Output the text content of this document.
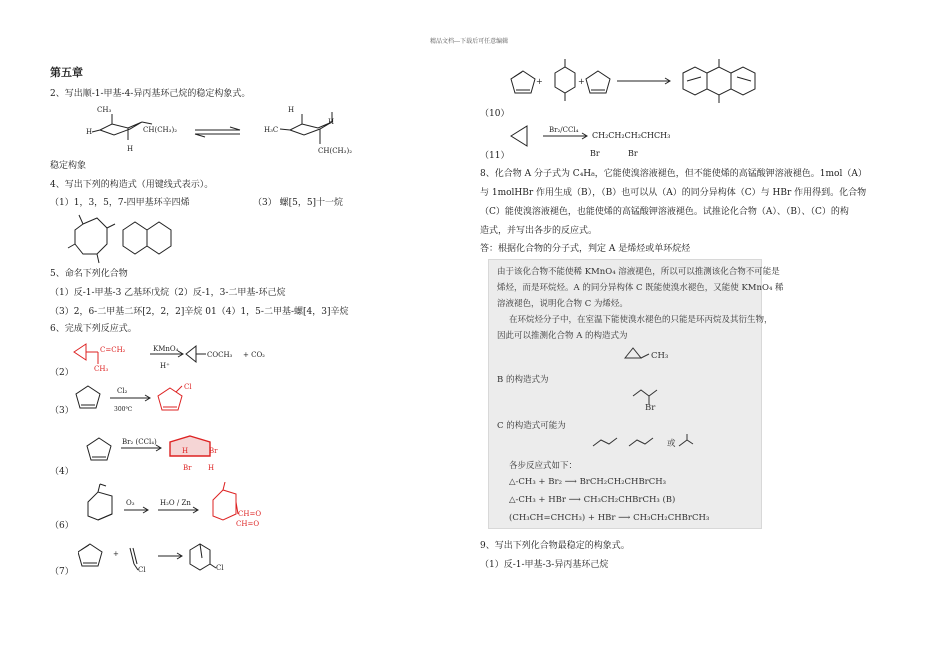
精品文档---下载后可任意编辑
第五章
2、写出顺-1-甲基-4-异丙基环己烷的稳定构象式。
CH₃
H	CH(CH₃)₂
H
H
H₃C
H
CH(CH₃)₂
稳定构象
4、写出下列的构造式（用键线式表示）。
（1）1，3，5，7-四甲基环辛四烯	（3） 螺[5，5]十一烷
5、命名下列化合物
（1）反-1-甲基-3 乙基环戊烷（2）反-1，3-二甲基-环己烷
（3）2，6-二甲基二环[2，2，2]辛烷 01（4）1，5-二甲基-螺[4，3]辛烷
6、完成下列反应式。
（2）
C=CH₂
CH₃
KMnO₄
H⁺
COCH₃ + CO₂
（3）
Cl₂
300℃
Cl
（4）
Br₂ (CCl₄)
H
Br H
Br
（6）
O₃	H₂O / Zn
CH=O
CH=O
（7）
+
Cl	Cl
+	+
（10）
Br₂/CCl₄
CH₂CH₂CH₂CHCH₃
Br	Br
（11）
8、化合物 A 分子式为 C₄H₈，它能使溴溶液褪色，但不能使烯的高锰酸钾溶液褪色。1mol（A）
与 1molHBr 作用生成（B），（B）也可以从（A）的同分异构体（C）与 HBr 作用得到。化合物
（C）能使溴溶液褪色，也能使烯的高锰酸钾溶液褪色。试推论化合物（A）、（B）、（C）的构
造式，并写出各步的反应式。
答：根据化合物的分子式，判定 A 是烯烃或单环烷烃
由于该化合物不能使稀 KMnO₄ 溶液褪色，所以可以推测该化合物不可能是
烯烃，而是环烷烃。A 的同分异构体 C 既能使溴水褪色，又能使 KMnO₄ 稀
溶液褪色，说明化合物 C 为烯烃。
在环烷烃分子中，在室温下能使溴水褪色的只能是环丙烷及其衍生物，
因此可以推测化合物 A 的构造式为
CH₃
B 的构造式为
Br
C 的构造式可能为
或
各步反应式如下：
△-CH₃ + Br₂ ⟶ BrCH₂CH₂CHBrCH₃
△-CH₃ + HBr ⟶ CH₃CH₂CHBrCH₃ (B)
(CH₃CH=CHCH₃) + HBr ⟶ CH₃CH₂CHBrCH₃
9、写出下列化合物最稳定的构象式。
（1）反-1-甲基-3-异丙基环己烷
